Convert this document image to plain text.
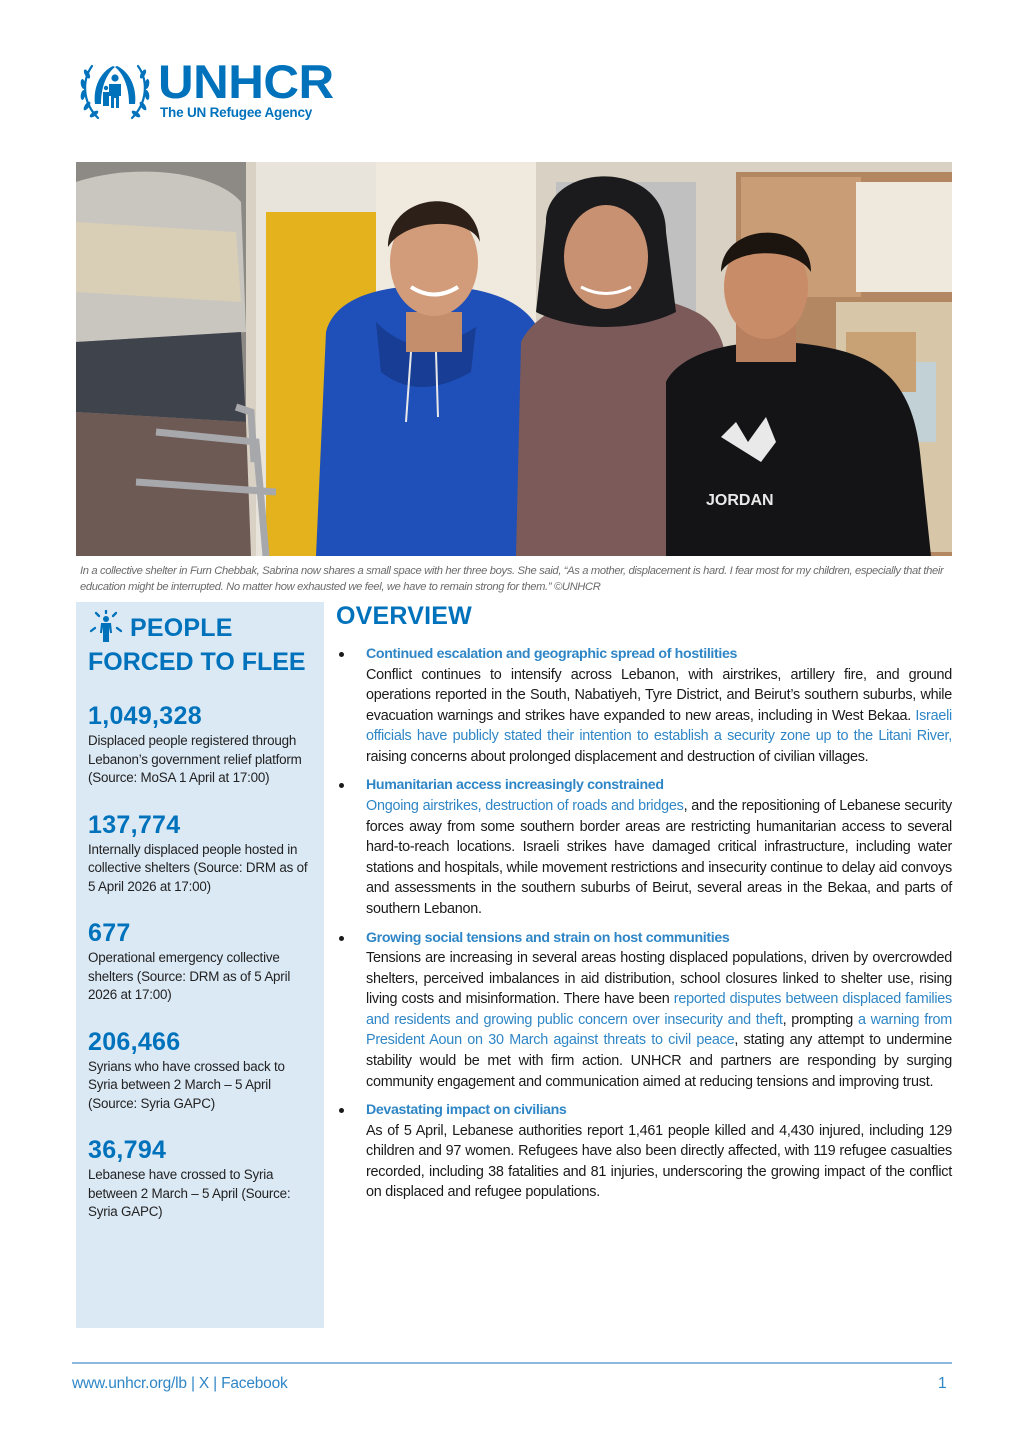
UNHCR
The UN Refugee Agency
JORDAN
In a collective shelter in Furn Chebbak, Sabrina now shares a small space with her three boys. She said, “As a mother, displacement is hard. I fear most for my children, especially that their education might be interrupted. No matter how exhausted we feel, we have to remain strong for them.” ©UNHCR
PEOPLE
FORCED TO FLEE
1,049,328
Displaced people registered through Lebanon’s government relief platform (Source: MoSA 1 April at 17:00)
137,774
Internally displaced people hosted in collective shelters (Source: DRM as of 5 April 2026 at 17:00)
677
Operational emergency collective shelters (Source: DRM as of 5 April 2026 at 17:00)
206,466
Syrians who have crossed back to Syria between 2 March – 5 April (Source: Syria GAPC)
36,794
Lebanese have crossed to Syria between 2 March – 5 April (Source: Syria GAPC)
OVERVIEW
Continued escalation and geographic spread of hostilities

Conflict continues to intensify across Lebanon, with airstrikes, artillery fire, and ground operations reported in the South, Nabatiyeh, Tyre District, and Beirut’s southern suburbs, while evacuation warnings and strikes have expanded to new areas, including in West Bekaa. Israeli officials have publicly stated their intention to establish a security zone up to the Litani River, raising concerns about prolonged displacement and destruction of civilian villages.

Humanitarian access increasingly constrained

Ongoing airstrikes, destruction of roads and bridges, and the repositioning of Lebanese security forces away from some southern border areas are restricting humanitarian access to several hard-to-reach locations. Israeli strikes have damaged critical infrastructure, including water stations and hospitals, while movement restrictions and insecurity continue to delay aid convoys and assessments in the southern suburbs of Beirut, several areas in the Bekaa, and parts of southern Lebanon.

Growing social tensions and strain on host communities

Tensions are increasing in several areas hosting displaced populations, driven by overcrowded shelters, perceived imbalances in aid distribution, school closures linked to shelter use, rising living costs and misinformation. There have been reported disputes between displaced families and residents and growing public concern over insecurity and theft, prompting a warning from President Aoun on 30 March against threats to civil peace, stating any attempt to undermine stability would be met with firm action. UNHCR and partners are responding by surging community engagement and communication aimed at reducing tensions and improving trust.

Devastating impact on civilians

As of 5 April, Lebanese authorities report 1,461 people killed and 4,430 injured, including 129 children and 97 women. Refugees have also been directly affected, with 119 refugee casualties recorded, including 38 fatalities and 81 injuries, underscoring the growing impact of the conflict on displaced and refugee populations.

www.unhcr.org/lb | X | Facebook	1
